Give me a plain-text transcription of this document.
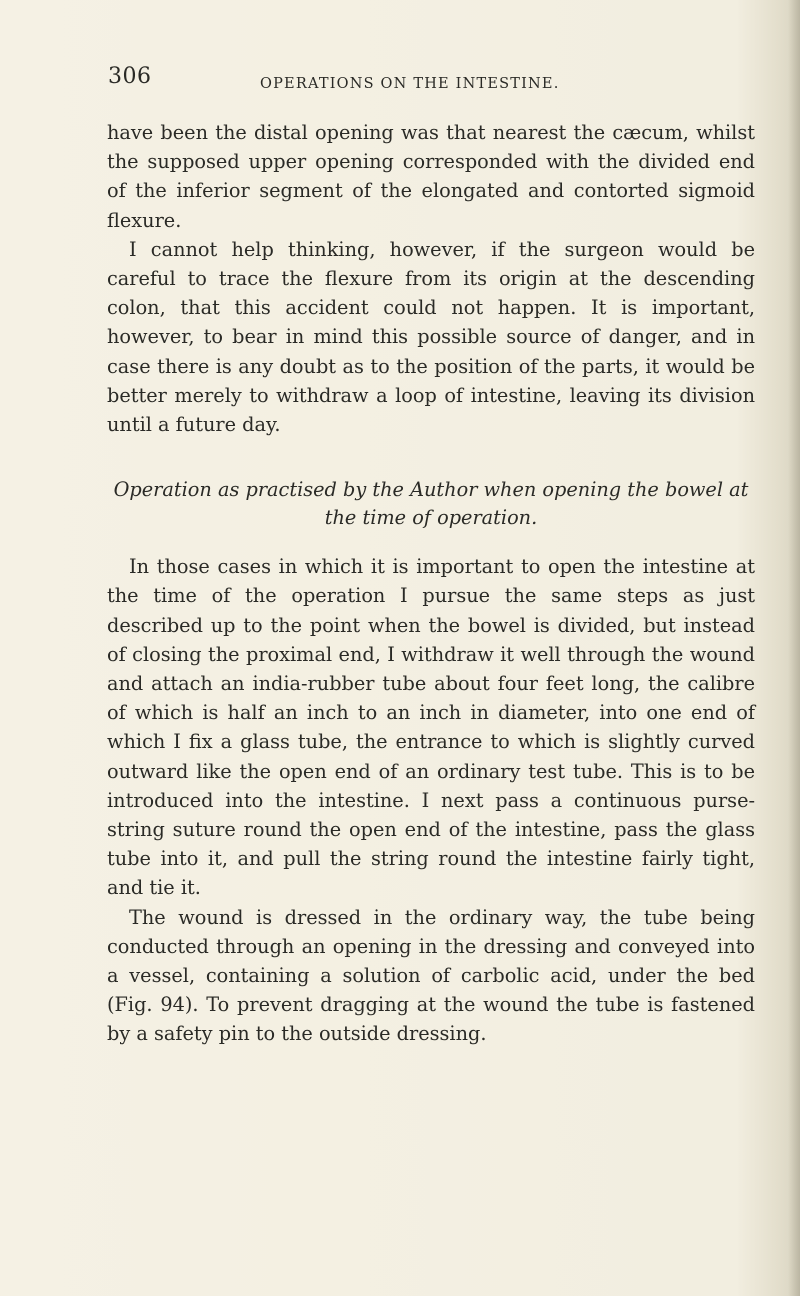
306	OPERATIONS ON THE INTESTINE.

have been the distal opening was that nearest the cæcum, whilst the supposed upper opening corresponded with the divided end of the inferior segment of the elongated and contorted sigmoid flexure.

I cannot help thinking, however, if the surgeon would be careful to trace the flexure from its origin at the descending colon, that this accident could not happen. It is important, however, to bear in mind this possible source of danger, and in case there is any doubt as to the position of the parts, it would be better merely to withdraw a loop of intestine, leaving its division until a future day.

Operation as practised by the Author when opening the bowel at the time of operation.

In those cases in which it is important to open the intestine at the time of the operation I pursue the same steps as just described up to the point when the bowel is divided, but instead of closing the proximal end, I withdraw it well through the wound and attach an india-rubber tube about four feet long, the calibre of which is half an inch to an inch in diameter, into one end of which I fix a glass tube, the entrance to which is slightly curved outward like the open end of an ordinary test tube. This is to be introduced into the intestine. I next pass a continuous purse-string suture round the open end of the intestine, pass the glass tube into it, and pull the string round the intestine fairly tight, and tie it.

The wound is dressed in the ordinary way, the tube being conducted through an opening in the dressing and conveyed into a vessel, containing a solution of carbolic acid, under the bed (Fig. 94). To prevent dragging at the wound the tube is fastened by a safety pin to the outside dressing.
